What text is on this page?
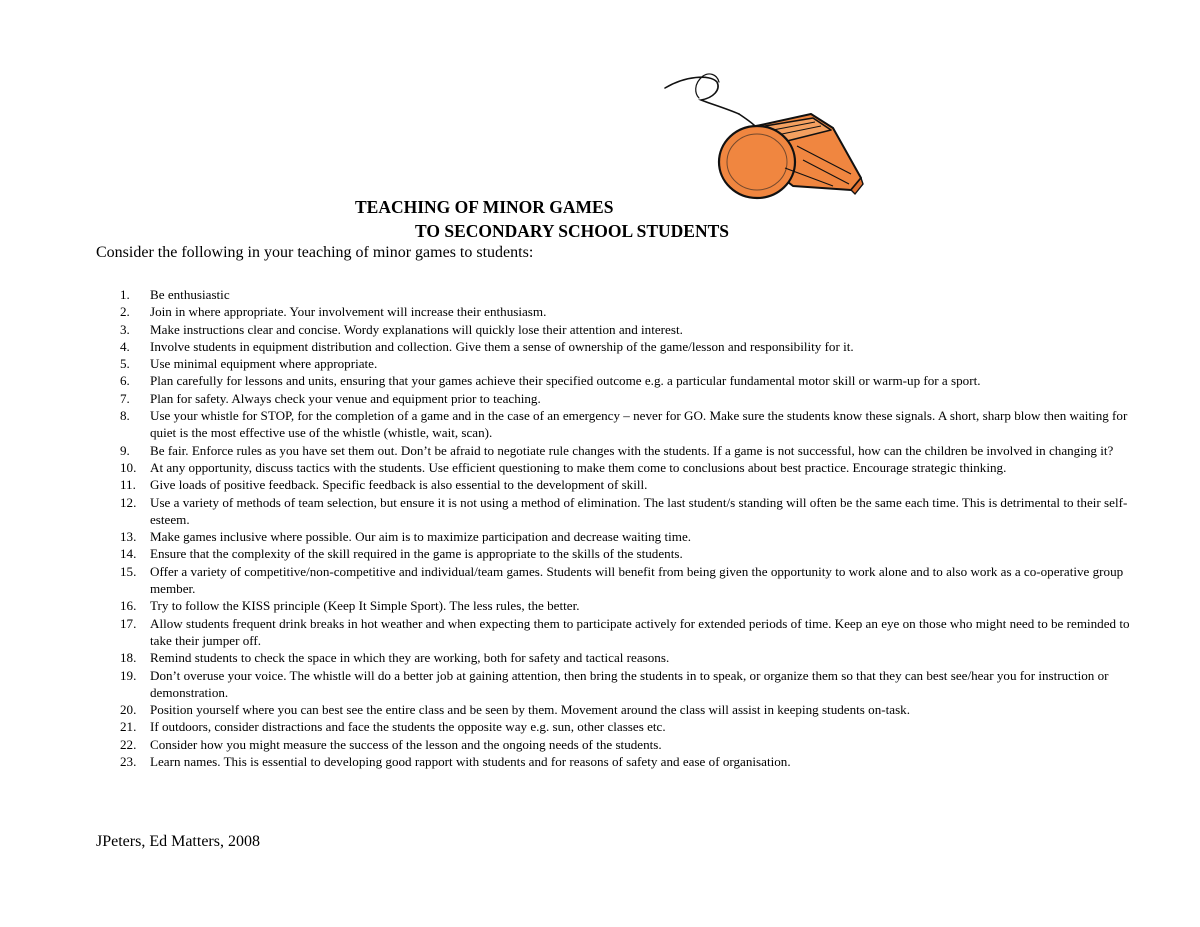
TEACHING OF MINOR GAMES
TO SECONDARY SCHOOL STUDENTS
Consider the following in your teaching of minor games to students:
1.	Be enthusiastic
2.	Join in where appropriate. Your involvement will increase their enthusiasm.
3.	Make instructions clear and concise. Wordy explanations will quickly lose their attention and interest.
4.	Involve students in equipment distribution and collection. Give them a sense of ownership of the game/lesson and responsibility for it.
5.	Use minimal equipment where appropriate.
6.	Plan carefully for lessons and units, ensuring that your games achieve their specified outcome e.g. a particular fundamental motor skill or warm-up for a sport.
7.	Plan for safety. Always check your venue and equipment prior to teaching.
8.	Use your whistle for STOP, for the completion of a game and in the case of an emergency – never for GO. Make sure the students know these signals. A short, sharp blow then waiting for quiet is the most effective use of the whistle (whistle, wait, scan).
9.	Be fair. Enforce rules as you have set them out. Don’t be afraid to negotiate rule changes with the students. If a game is not successful, how can the children be involved in changing it?
10.	At any opportunity, discuss tactics with the students. Use efficient questioning to make them come to conclusions about best practice. Encourage strategic thinking.
11.	Give loads of positive feedback. Specific feedback is also essential to the development of skill.
12.	Use a variety of methods of team selection, but ensure it is not using a method of elimination. The last student/s standing will often be the same each time. This is detrimental to their self-esteem.
13.	Make games inclusive where possible. Our aim is to maximize participation and decrease waiting time.
14.	Ensure that the complexity of the skill required in the game is appropriate to the skills of the students.
15.	Offer a variety of competitive/non-competitive and individual/team games. Students will benefit from being given the opportunity to work alone and to also work as a co-operative group member.
16.	Try to follow the KISS principle (Keep It Simple Sport). The less rules, the better.
17.	Allow students frequent drink breaks in hot weather and when expecting them to participate actively for extended periods of time. Keep an eye on those who might need to be reminded to take their jumper off.
18.	Remind students to check the space in which they are working, both for safety and tactical reasons.
19.	Don’t overuse your voice. The whistle will do a better job at gaining attention, then bring the students in to speak, or organize them so that they can best see/hear you for instruction or demonstration.
20.	Position yourself where you can best see the entire class and be seen by them. Movement around the class will assist in keeping students on-task.
21.	If outdoors, consider distractions and face the students the opposite way e.g. sun, other classes etc.
22.	Consider how you might measure the success of the lesson and the ongoing needs of the students.
23.	Learn names. This is essential to developing good rapport with students and for reasons of safety and ease of organisation.
JPeters, Ed Matters, 2008
